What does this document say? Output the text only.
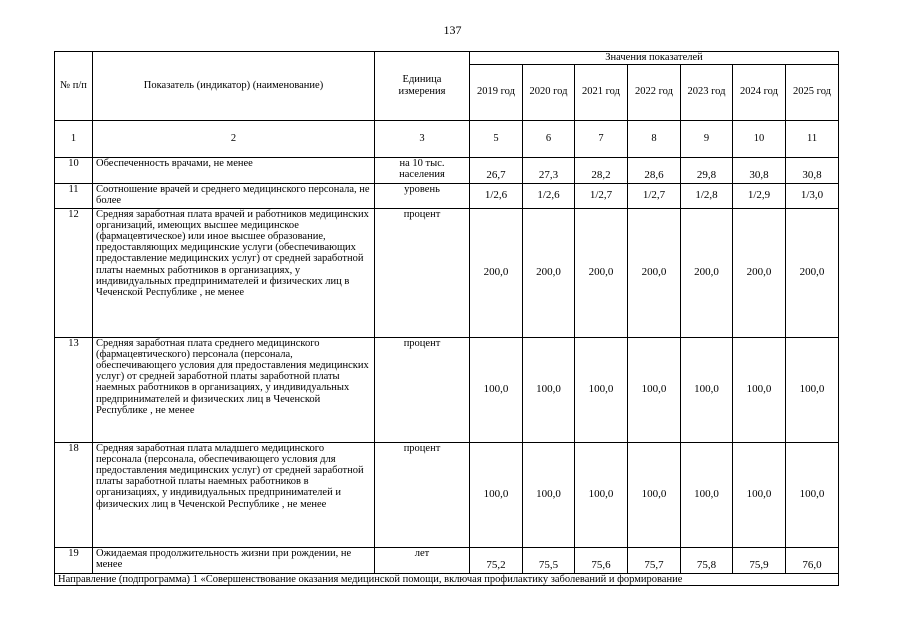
137
№ п/п	Показатель (индикатор) (наименование)	Единица измерения	Значения показателей						
			2019 год	2020 год	2021 год	2022 год	2023 год	2024 год	2025 год
1	2	3	5	6	7	8	9	10	11
10	Обеспеченность врачами, не менее	на 10 тыс. населения	26,7	27,3	28,2	28,6	29,8	30,8	30,8
11	Соотношение врачей и среднего медицинского персонала, не более	уровень	1/2,6	1/2,6	1/2,7	1/2,7	1/2,8	1/2,9	1/3,0
12	Средняя заработная плата врачей и работников медицинских организаций, имеющих высшее медицинское (фармацевтическое) или иное высшее образование, предоставляющих медицинские услуги (обеспечивающих предоставление медицинских услуг) от средней заработной платы наемных работников в организациях, у индивидуальных предпринимателей и физических лиц в Чеченской Республике , не менее	процент	200,0	200,0	200,0	200,0	200,0	200,0	200,0
13	Средняя заработная плата среднего медицинского (фармацевтического) персонала (персонала, обеспечивающего условия для предоставления медицинских услуг) от средней заработной платы заработной платы наемных работников в организациях, у индивидуальных предпринимателей и физических лиц в Чеченской Республике , не менее	процент	100,0	100,0	100,0	100,0	100,0	100,0	100,0
18	Средняя заработная плата младшего медицинского персонала (персонала, обеспечивающего условия для предоставления медицинских услуг) от средней заработной платы заработной платы наемных работников в организациях, у индивидуальных предпринимателей и физических лиц в Чеченской Республике , не менее	процент	100,0	100,0	100,0	100,0	100,0	100,0	100,0
19	Ожидаемая продолжительность жизни при рождении, не менее	лет	75,2	75,5	75,6	75,7	75,8	75,9	76,0
Направление (подпрограмма) 1 «Совершенствование оказания медицинской помощи, включая профилактику заболеваний и формирование									
